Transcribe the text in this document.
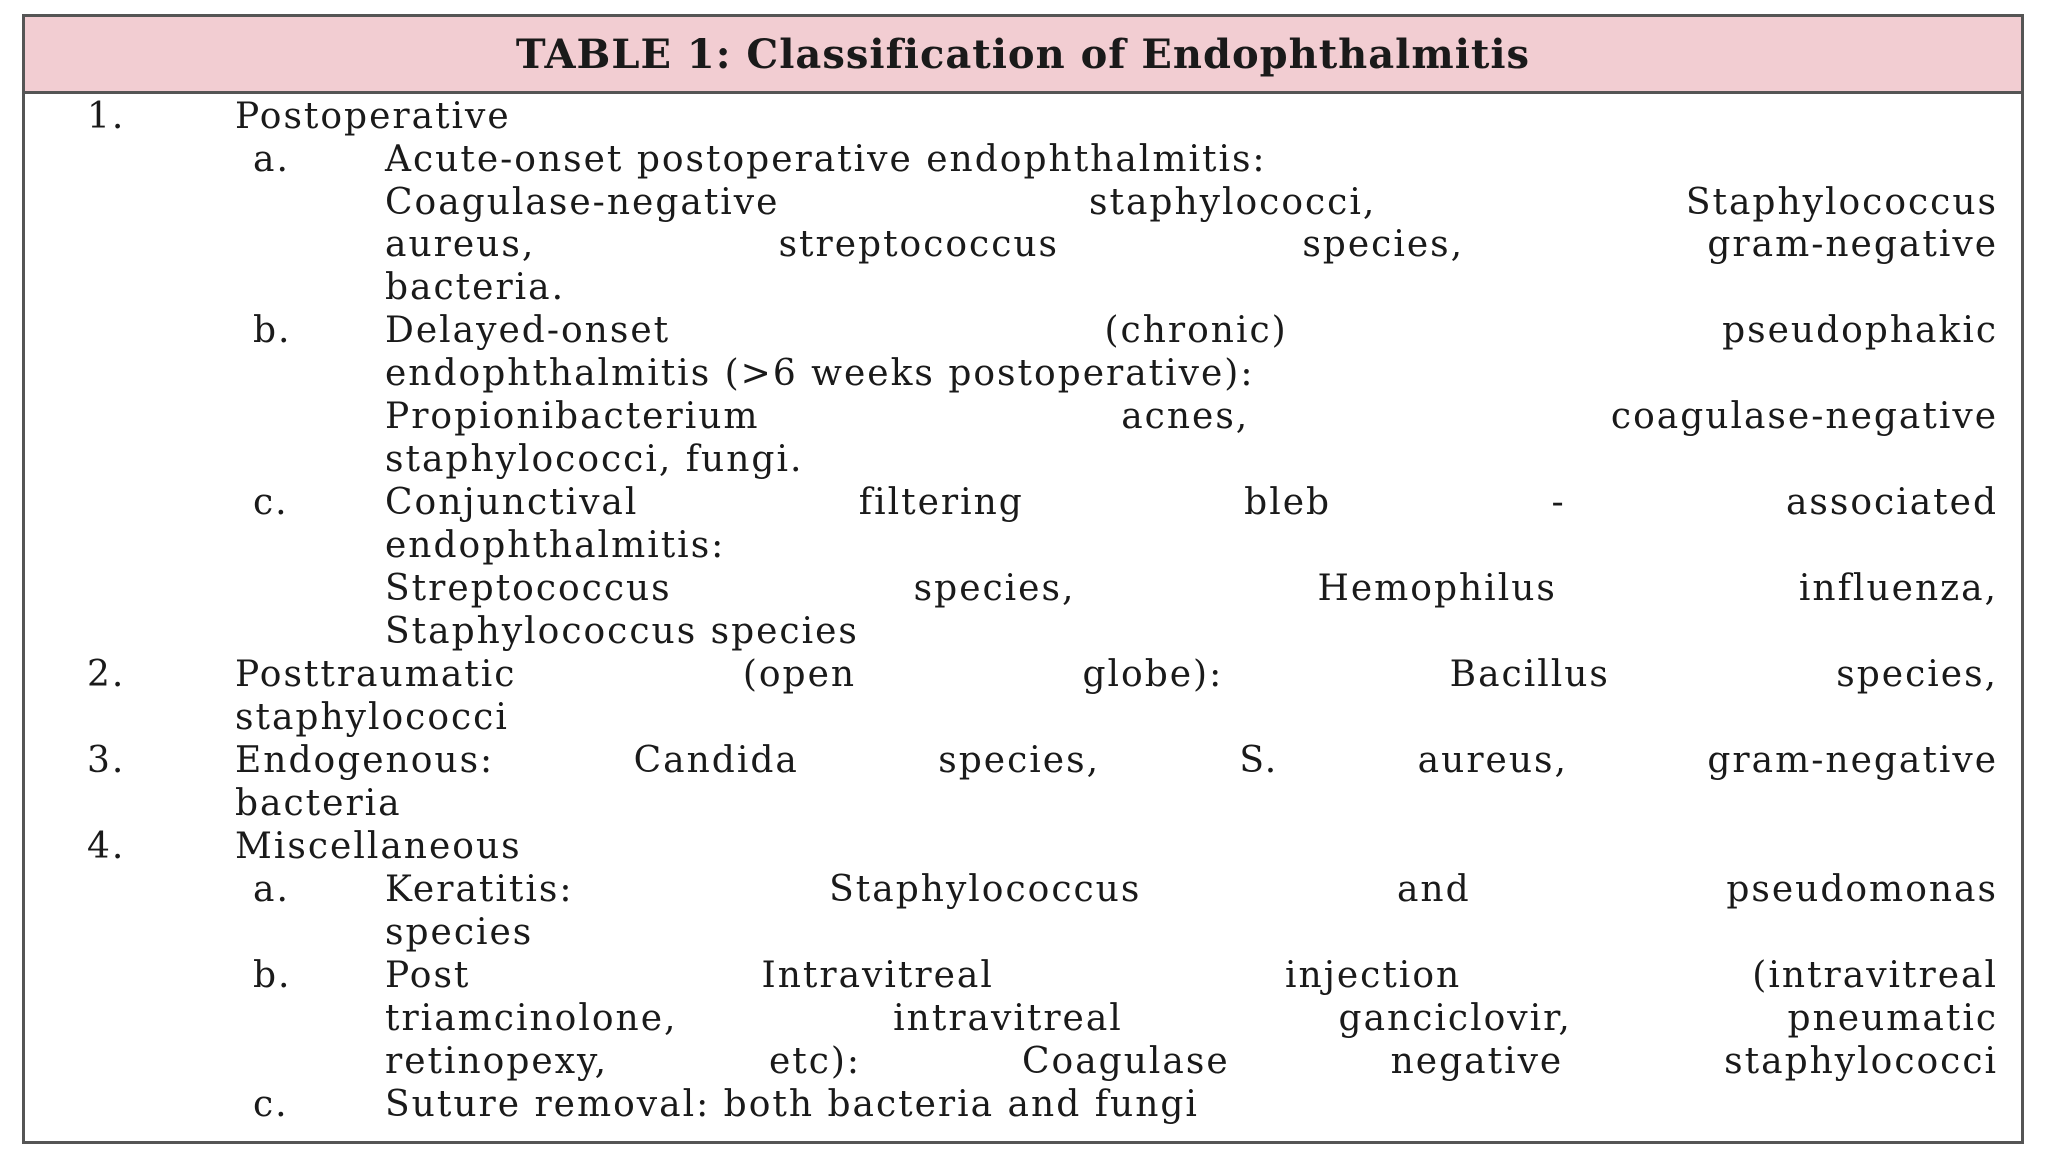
TABLE 1: Classification of Endophthalmitis
1.	Postoperative
a.	Acute-onset postoperative endophthalmitis:
Coagulase-negative staphylococci, Staphylococcus
aureus, streptococcus species, gram-negative
bacteria.
b.	Delayed-onset (chronic) pseudophakic
endophthalmitis (>6 weeks postoperative):
Propionibacterium acnes, coagulase-negative
staphylococci, fungi.
c.	Conjunctival filtering bleb - associated
endophthalmitis:
Streptococcus species, Hemophilus influenza,
Staphylococcus species
2.	Posttraumatic (open globe): Bacillus species,
staphylococci
3.	Endogenous: Candida species, S. aureus, gram-negative
bacteria
4.	Miscellaneous
a.	Keratitis: Staphylococcus and pseudomonas
species
b.	Post Intravitreal injection (intravitreal
triamcinolone, intravitreal ganciclovir, pneumatic
retinopexy, etc): Coagulase negative staphylococci
c.	Suture removal: both bacteria and fungi
